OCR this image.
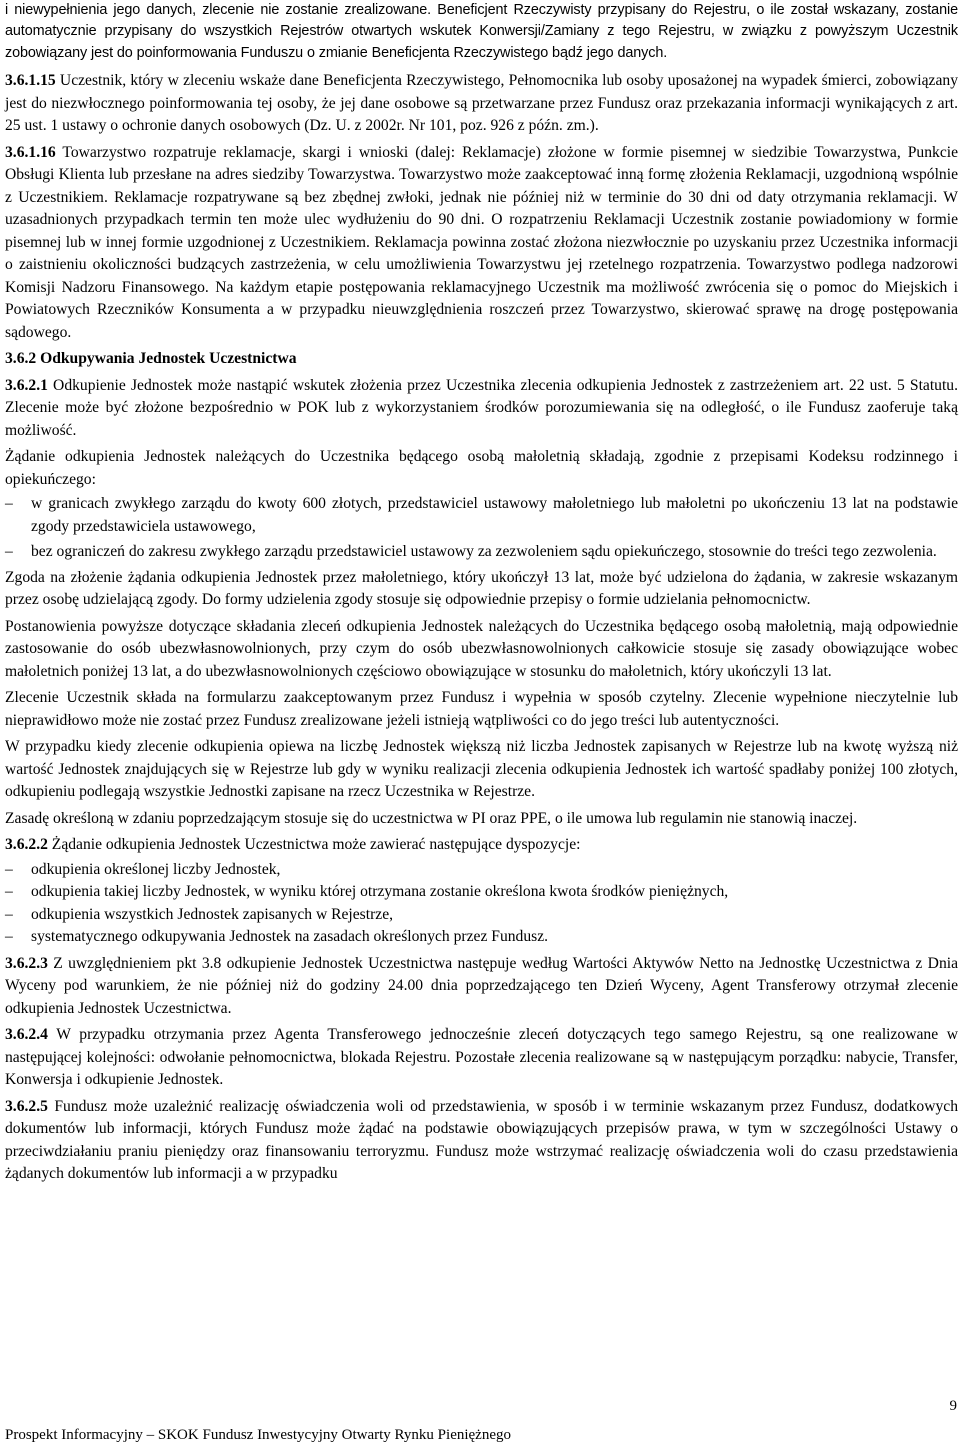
i niewypełnienia jego danych, zlecenie nie zostanie zrealizowane. Beneficjent Rzeczywisty przypisany do Rejestru, o ile został wskazany, zostanie automatycznie przypisany do wszystkich Rejestrów otwartych wskutek Konwersji/Zamiany z tego Rejestru, w związku z powyższym Uczestnik zobowiązany jest do poinformowania Funduszu o zmianie Beneficjenta Rzeczywistego bądź jego danych.

3.6.1.15 Uczestnik, który w zleceniu wskaże dane Beneficjenta Rzeczywistego, Pełnomocnika lub osoby uposażonej na wypadek śmierci, zobowiązany jest do niezwłocznego poinformowania tej osoby, że jej dane osobowe są przetwarzane przez Fundusz oraz przekazania informacji wynikających z art. 25 ust. 1 ustawy o ochronie danych osobowych (Dz. U. z 2002r. Nr 101, poz. 926 z późn. zm.).

3.6.1.16 Towarzystwo rozpatruje reklamacje, skargi i wnioski (dalej: Reklamacje) złożone w formie pisemnej w siedzibie Towarzystwa, Punkcie Obsługi Klienta lub przesłane na adres siedziby Towarzystwa. Towarzystwo może zaakceptować inną formę złożenia Reklamacji, uzgodnioną wspólnie z Uczestnikiem. Reklamacje rozpatrywane są bez zbędnej zwłoki, jednak nie później niż w terminie do 30 dni od daty otrzymania reklamacji. W uzasadnionych przypadkach termin ten może ulec wydłużeniu do 90 dni. O rozpatrzeniu Reklamacji Uczestnik zostanie powiadomiony w formie pisemnej lub w innej formie uzgodnionej z Uczestnikiem. Reklamacja powinna zostać złożona niezwłocznie po uzyskaniu przez Uczestnika informacji o zaistnieniu okoliczności budzących zastrzeżenia, w celu umożliwienia Towarzystwu jej rzetelnego rozpatrzenia. Towarzystwo podlega nadzorowi Komisji Nadzoru Finansowego. Na każdym etapie postępowania reklamacyjnego Uczestnik ma możliwość zwrócenia się o pomoc do Miejskich i Powiatowych Rzeczników Konsumenta a w przypadku nieuwzględnienia roszczeń przez Towarzystwo, skierować sprawę na drogę postępowania sądowego.

3.6.2 Odkupywania Jednostek Uczestnictwa

3.6.2.1 Odkupienie Jednostek może nastąpić wskutek złożenia przez Uczestnika zlecenia odkupienia Jednostek z zastrzeżeniem art. 22 ust. 5 Statutu. Zlecenie może być złożone bezpośrednio w POK lub z wykorzystaniem środków porozumiewania się na odległość, o ile Fundusz zaoferuje taką możliwość.

Żądanie odkupienia Jednostek należących do Uczestnika będącego osobą małoletnią składają, zgodnie z przepisami Kodeksu rodzinnego i opiekuńczego:

–	w granicach zwykłego zarządu do kwoty 600 złotych, przedstawiciel ustawowy małoletniego lub małoletni po ukończeniu 13 lat na podstawie zgody przedstawiciela ustawowego,
–	bez ograniczeń do zakresu zwykłego zarządu przedstawiciel ustawowy za zezwoleniem sądu opiekuńczego, stosownie do treści tego zezwolenia.

Zgoda na złożenie żądania odkupienia Jednostek przez małoletniego, który ukończył 13 lat, może być udzielona do żądania, w zakresie wskazanym przez osobę udzielającą zgody. Do formy udzielenia zgody stosuje się odpowiednie przepisy o formie udzielania pełnomocnictw.

Postanowienia powyższe dotyczące składania zleceń odkupienia Jednostek należących do Uczestnika będącego osobą małoletnią, mają odpowiednie zastosowanie do osób ubezwłasnowolnionych, przy czym do osób ubezwłasnowolnionych całkowicie stosuje się zasady obowiązujące wobec małoletnich poniżej 13 lat, a do ubezwłasnowolnionych częściowo obowiązujące w stosunku do małoletnich, który ukończyli 13 lat.

Zlecenie Uczestnik składa na formularzu zaakceptowanym przez Fundusz i wypełnia w sposób czytelny. Zlecenie wypełnione nieczytelnie lub nieprawidłowo może nie zostać przez Fundusz zrealizowane jeżeli istnieją wątpliwości co do jego treści lub autentyczności.

W przypadku kiedy zlecenie odkupienia opiewa na liczbę Jednostek większą niż liczba Jednostek zapisanych w Rejestrze lub na kwotę wyższą niż wartość Jednostek znajdujących się w Rejestrze lub gdy w wyniku realizacji zlecenia odkupienia Jednostek ich wartość spadłaby poniżej 100 złotych, odkupieniu podlegają wszystkie Jednostki zapisane na rzecz Uczestnika w Rejestrze.

Zasadę określoną w zdaniu poprzedzającym stosuje się do uczestnictwa w PI oraz PPE, o ile umowa lub regulamin nie stanowią inaczej.

3.6.2.2 Żądanie odkupienia Jednostek Uczestnictwa może zawierać następujące dyspozycje:

–	odkupienia określonej liczby Jednostek,
–	odkupienia takiej liczby Jednostek, w wyniku której otrzymana zostanie określona kwota środków pieniężnych,
–	odkupienia wszystkich Jednostek zapisanych w Rejestrze,
–	systematycznego odkupywania Jednostek na zasadach określonych przez Fundusz.

3.6.2.3 Z uwzględnieniem pkt 3.8 odkupienie Jednostek Uczestnictwa następuje według Wartości Aktywów Netto na Jednostkę Uczestnictwa z Dnia Wyceny pod warunkiem, że nie później niż do godziny 24.00 dnia poprzedzającego ten Dzień Wyceny, Agent Transferowy otrzymał zlecenie odkupienia Jednostek Uczestnictwa.

3.6.2.4 W przypadku otrzymania przez Agenta Transferowego jednocześnie zleceń dotyczących tego samego Rejestru, są one realizowane w następującej kolejności: odwołanie pełnomocnictwa, blokada Rejestru. Pozostałe zlecenia realizowane są w następującym porządku: nabycie, Transfer, Konwersja i odkupienie Jednostek.

3.6.2.5 Fundusz może uzależnić realizację oświadczenia woli od przedstawienia, w sposób i w terminie wskazanym przez Fundusz, dodatkowych dokumentów lub informacji, których Fundusz może żądać na podstawie obowiązujących przepisów prawa, w tym w szczególności Ustawy o przeciwdziałaniu praniu pieniędzy oraz finansowaniu terroryzmu. Fundusz może wstrzymać realizację oświadczenia woli do czasu przedstawienia żądanych dokumentów lub informacji a w przypadku

9
Prospekt Informacyjny – SKOK Fundusz Inwestycyjny Otwarty Rynku Pieniężnego
